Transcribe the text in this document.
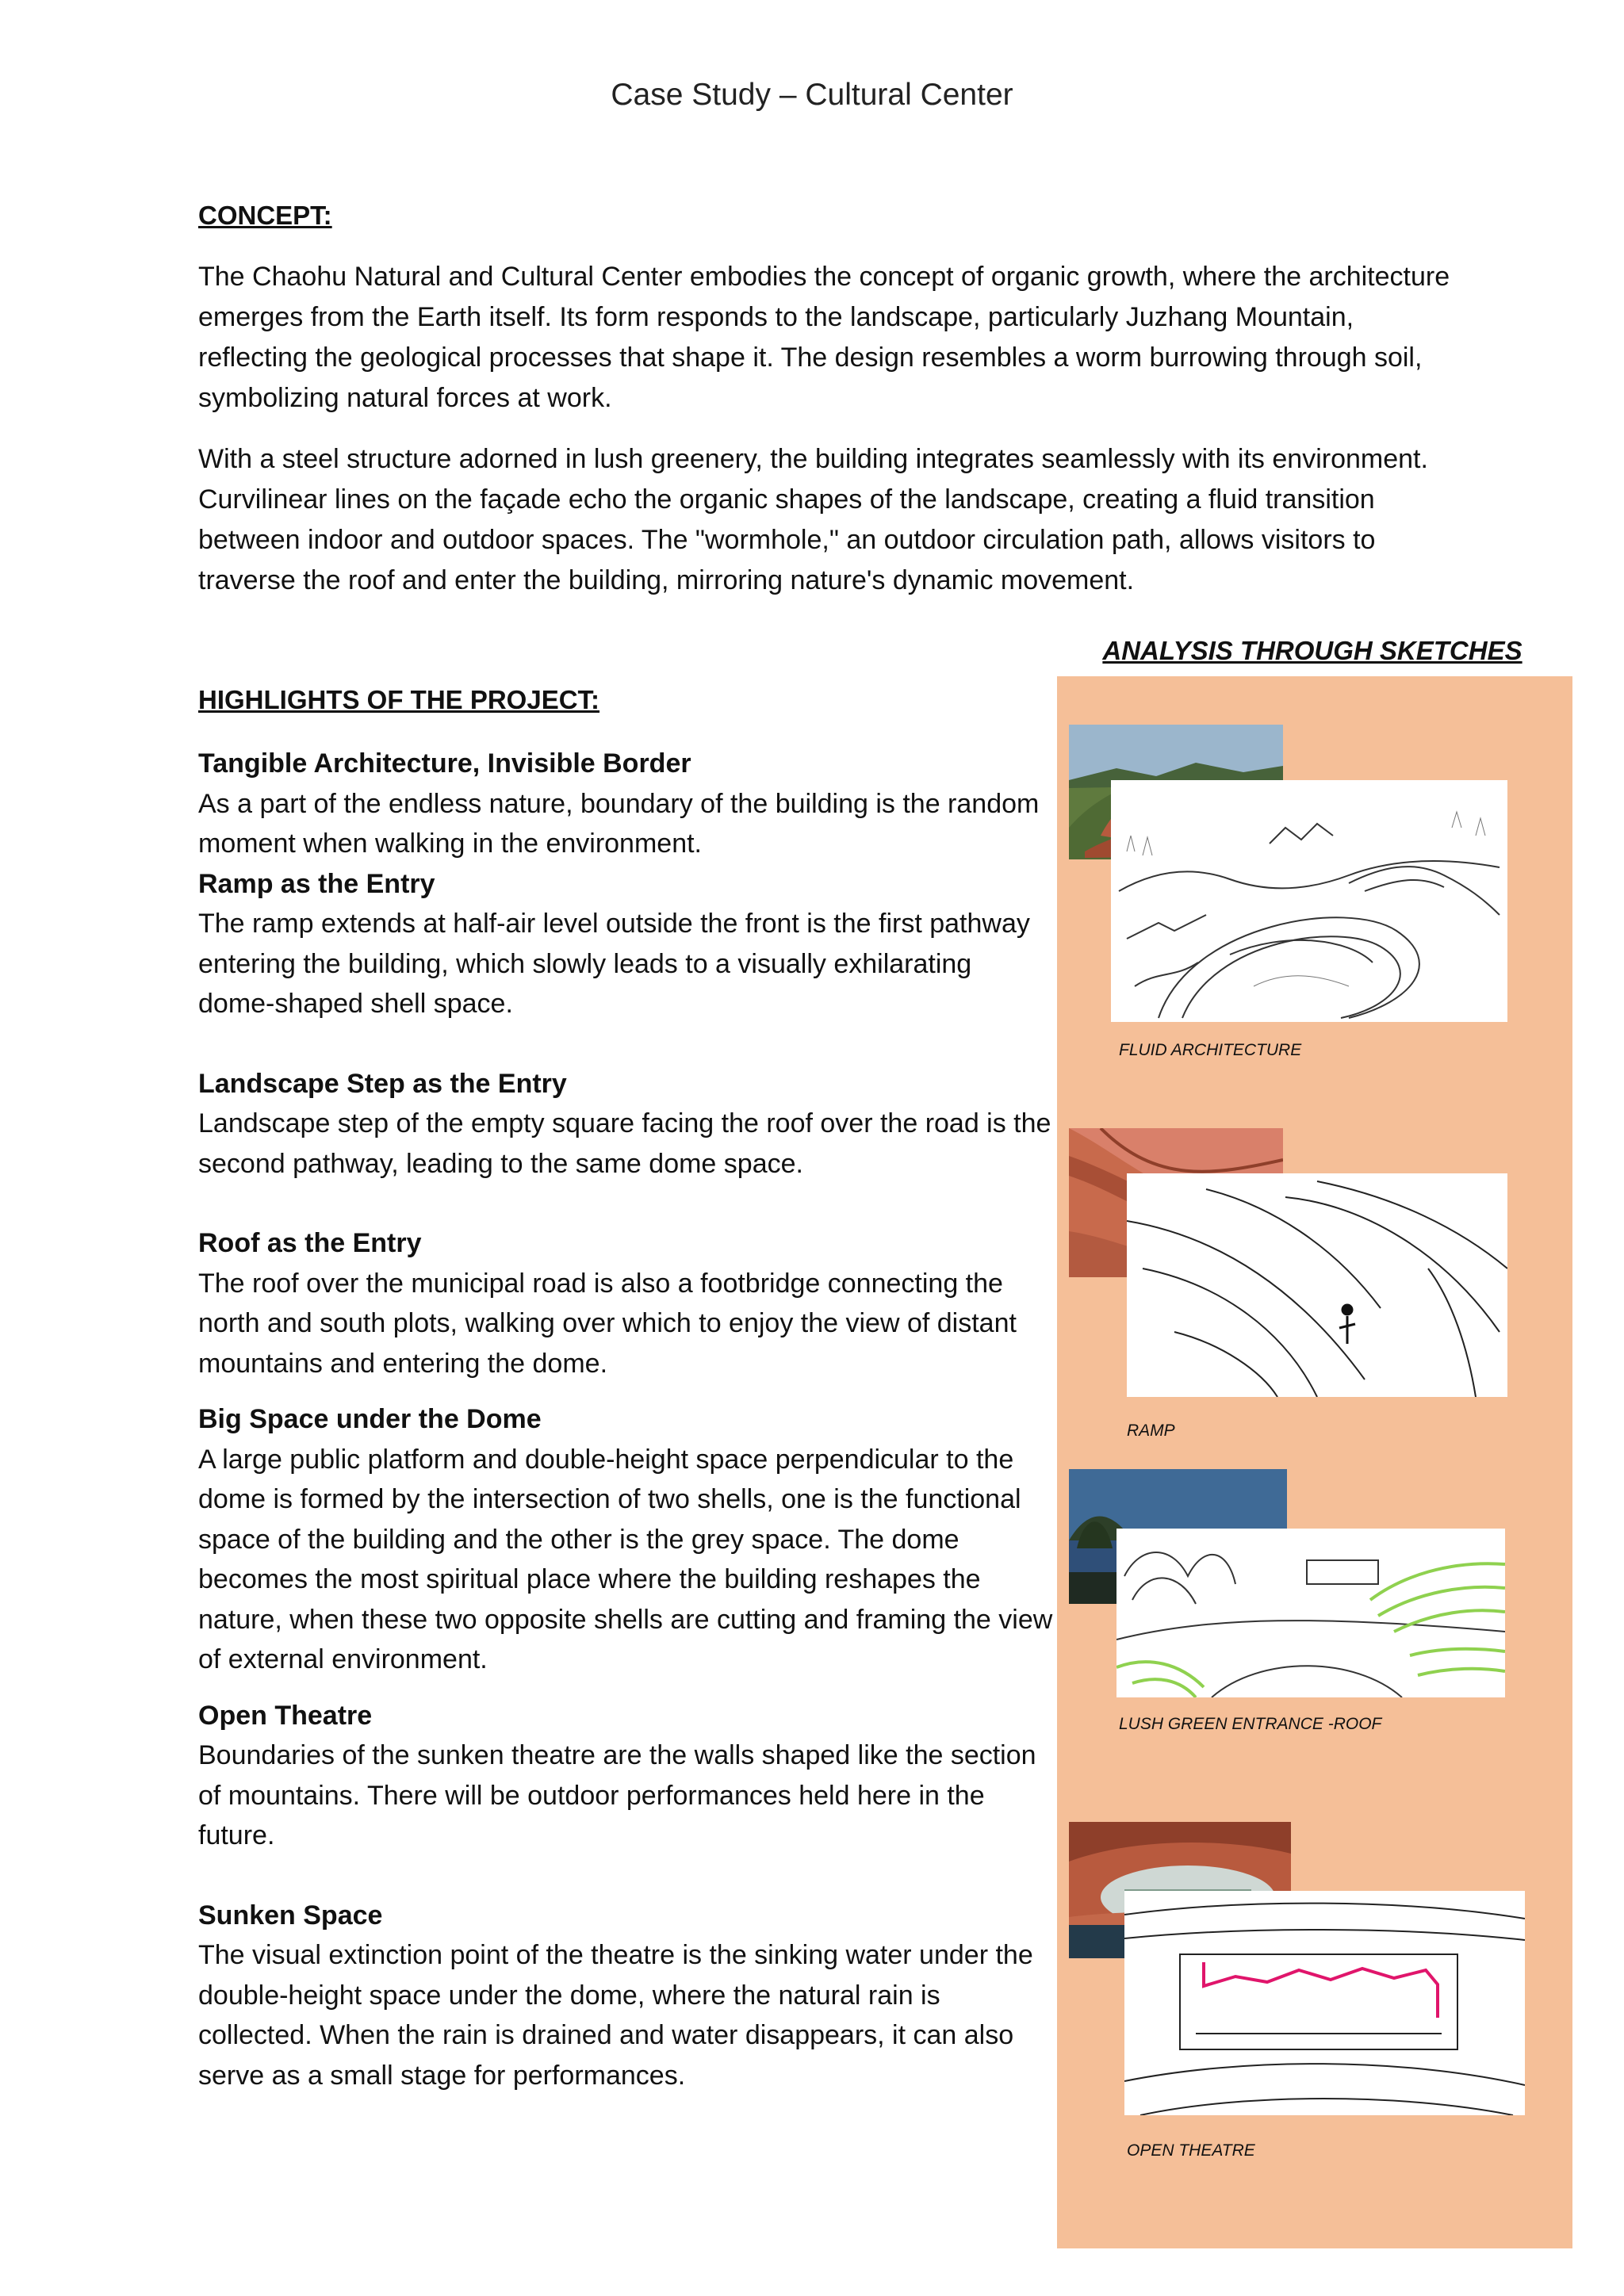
Case Study – Cultural Center
CONCEPT:

The Chaohu Natural and Cultural Center embodies the concept of organic growth, where the architecture emerges from the Earth itself. Its form responds to the landscape, particularly Juzhang Mountain, reflecting the geological processes that shape it. The design resembles a worm burrowing through soil, symbolizing natural forces at work.

With a steel structure adorned in lush greenery, the building integrates seamlessly with its environment. Curvilinear lines on the façade echo the organic shapes of the landscape, creating a fluid transition between indoor and outdoor spaces. The "wormhole," an outdoor circulation path, allows visitors to traverse the roof and enter the building, mirroring nature's dynamic movement.

HIGHLIGHTS OF THE PROJECT:
Tangible Architecture, Invisible Border

As a part of the endless nature, boundary of the building is the random moment when walking in the environment.

Ramp as the Entry

The ramp extends at half-air level outside the front is the first pathway entering the building, which slowly leads to a visually exhilarating dome-shaped shell space.

Landscape Step as the Entry

Landscape step of the empty square facing the roof over the road is the second pathway, leading to the same dome space.

Roof as the Entry

The roof over the municipal road is also a footbridge connecting the north and south plots, walking over which to enjoy the view of distant mountains and entering the dome.

Big Space under the Dome

A large public platform and double-height space perpendicular to the dome is formed by the intersection of two shells, one is the functional space of the building and the other is the grey space. The dome becomes the most spiritual place where the building reshapes the nature, when these two opposite shells are cutting and framing the view of external environment.

Open Theatre

Boundaries of the sunken theatre are the walls shaped like the section of mountains. There will be outdoor performances held here in the future.

Sunken Space

The visual extinction point of the theatre is the sinking water under the double-height space under the dome, where the natural rain is collected. When the rain is drained and water disappears, it can also serve as a small stage for performances.

ANALYSIS THROUGH SKETCHES
FLUID ARCHITECTURE
RAMP
LUSH GREEN ENTRANCE -ROOF
OPEN THEATRE
